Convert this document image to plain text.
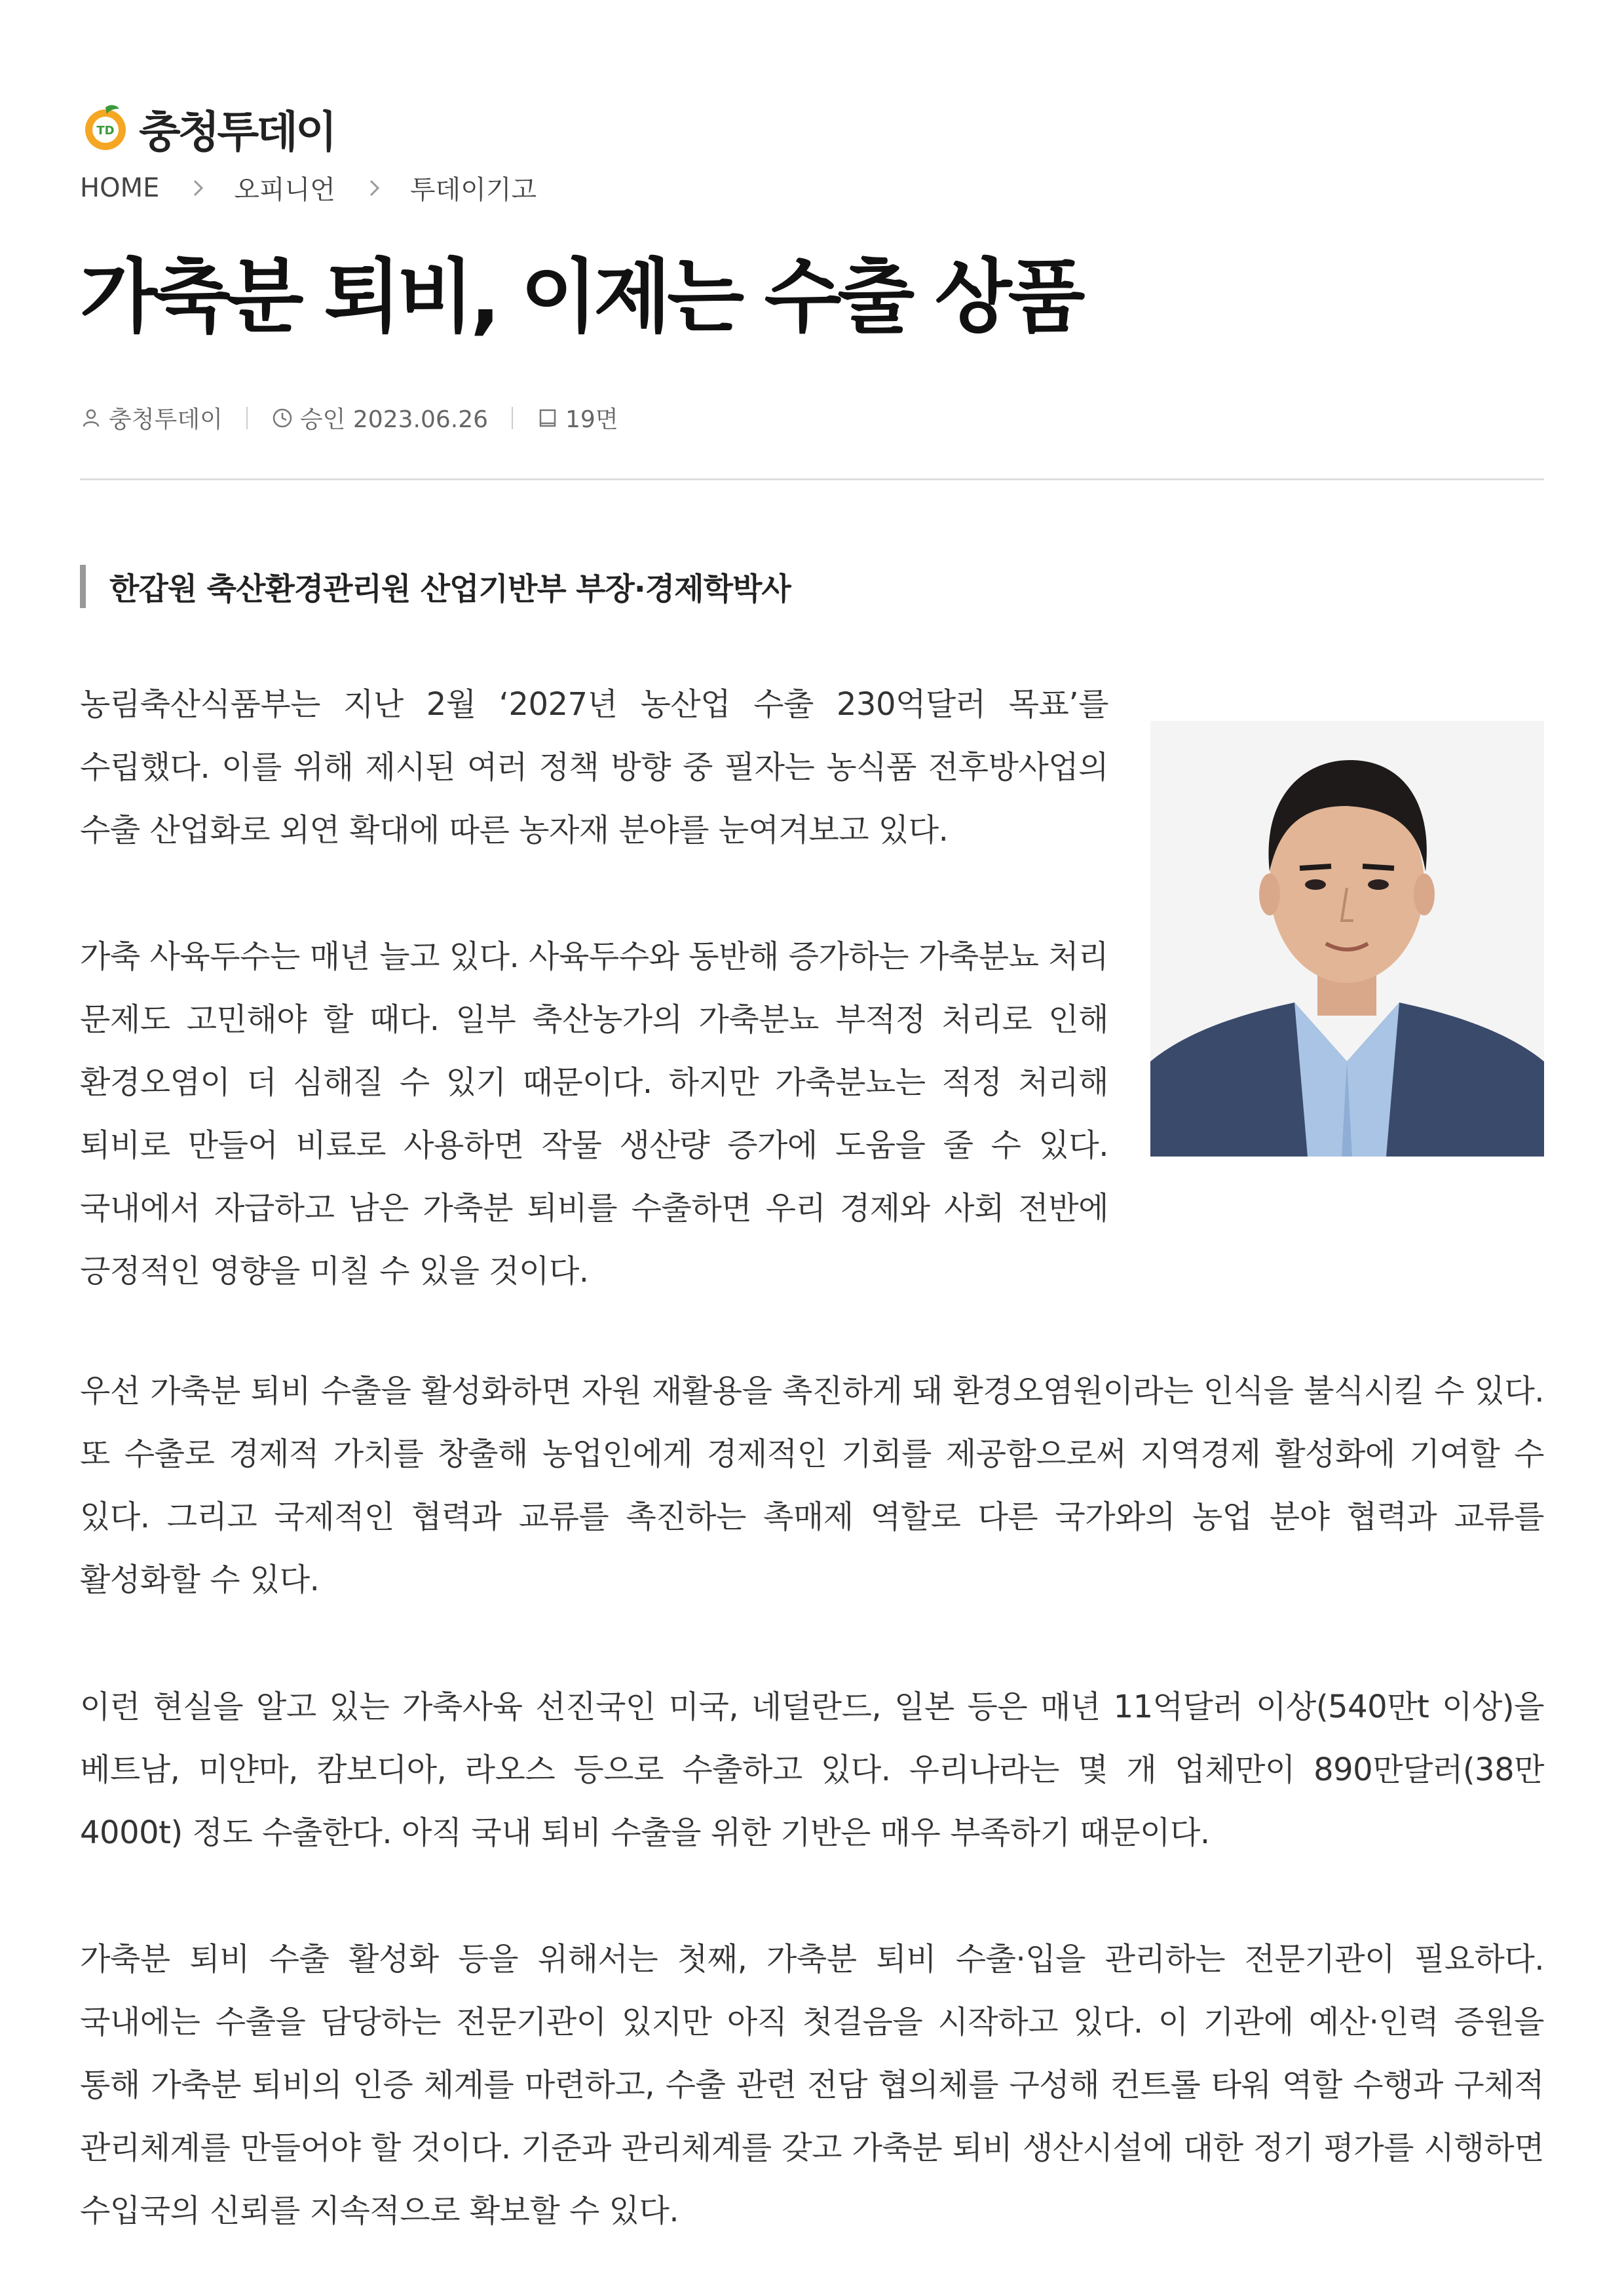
TD 충청투데이
HOME	오피니언	투데이기고
가축분 퇴비, 이제는 수출 상품
충청투데이	승인 2023.06.26	19면
한갑원 축산환경관리원 산업기반부 부장·경제학박사

농림축산식품부는 지난 2월 ‘2027년 농산업 수출 230억달러 목표’를 수립했다. 이를 위해 제시된 여러 정책 방향 중 필자는 농식품 전후방사업의 수출 산업화로 외연 확대에 따른 농자재 분야를 눈여겨보고 있다.

가축 사육두수는 매년 늘고 있다. 사육두수와 동반해 증가하는 가축분뇨 처리 문제도 고민해야 할 때다. 일부 축산농가의 가축분뇨 부적정 처리로 인해 환경오염이 더 심해질 수 있기 때문이다. 하지만 가축분뇨는 적정 처리해 퇴비로 만들어 비료로 사용하면 작물 생산량 증가에 도움을 줄 수 있다. 국내에서 자급하고 남은 가축분 퇴비를 수출하면 우리 경제와 사회 전반에 긍정적인 영향을 미칠 수 있을 것이다.

우선 가축분 퇴비 수출을 활성화하면 자원 재활용을 촉진하게 돼 환경오염원이라는 인식을 불식시킬 수 있다. 또 수출로 경제적 가치를 창출해 농업인에게 경제적인 기회를 제공함으로써 지역경제 활성화에 기여할 수 있다. 그리고 국제적인 협력과 교류를 촉진하는 촉매제 역할로 다른 국가와의 농업 분야 협력과 교류를 활성화할 수 있다.

이런 현실을 알고 있는 가축사육 선진국인 미국, 네덜란드, 일본 등은 매년 11억달러 이상(540만t 이상)을 베트남, 미얀마, 캄보디아, 라오스 등으로 수출하고 있다. 우리나라는 몇 개 업체만이 890만달러(38만 4000t) 정도 수출한다. 아직 국내 퇴비 수출을 위한 기반은 매우 부족하기 때문이다.

가축분 퇴비 수출 활성화 등을 위해서는 첫째, 가축분 퇴비 수출·입을 관리하는 전문기관이 필요하다. 국내에는 수출을 담당하는 전문기관이 있지만 아직 첫걸음을 시작하고 있다. 이 기관에 예산·인력 증원을 통해 가축분 퇴비의 인증 체계를 마련하고, 수출 관련 전담 협의체를 구성해 컨트롤 타워 역할 수행과 구체적 관리체계를 만들어야 할 것이다. 기준과 관리체계를 갖고 가축분 퇴비 생산시설에 대한 정기 평가를 시행하면 수입국의 신뢰를 지속적으로 확보할 수 있다.
